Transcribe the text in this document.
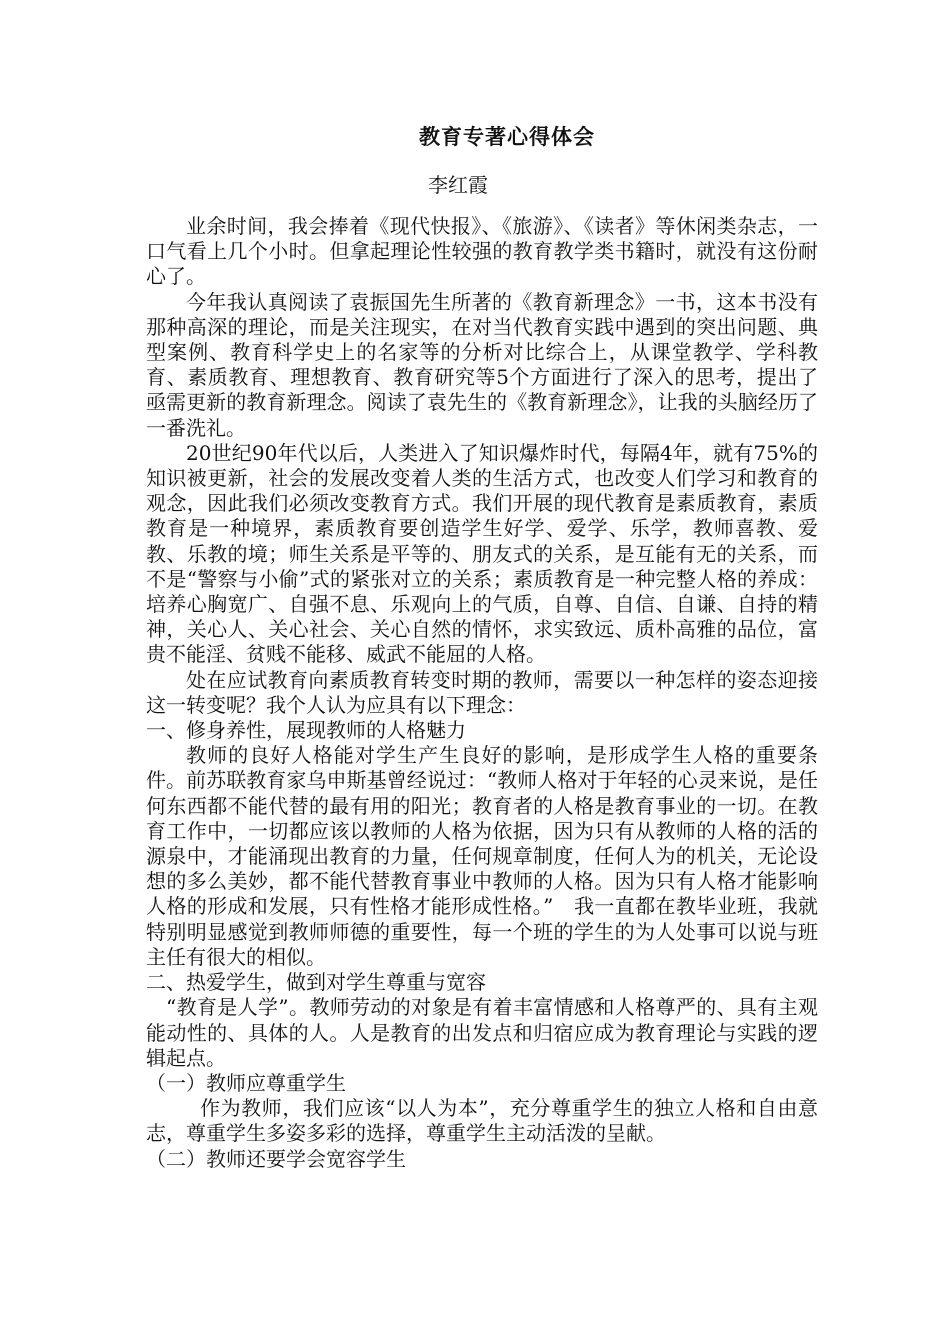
教育专著心得体会
李红霞

业余时间，我会捧着《现代快报》、《旅游》、《读者》等休闲类杂志，一口气看上几个小时。但拿起理论性较强的教育教学类书籍时，就没有这份耐心了。

今年我认真阅读了袁振国先生所著的《教育新理念》一书，这本书没有那种高深的理论，而是关注现实，在对当代教育实践中遇到的突出问题、典型案例、教育科学史上的名家等的分析对比综合上，从课堂教学、学科教育、素质教育、理想教育、教育研究等5个方面进行了深入的思考，提出了亟需更新的教育新理念。阅读了袁先生的《教育新理念》，让我的头脑经历了一番洗礼。

20世纪90年代以后，人类进入了知识爆炸时代，每隔4年，就有75%的知识被更新，社会的发展改变着人类的生活方式，也改变人们学习和教育的观念，因此我们必须改变教育方式。我们开展的现代教育是素质教育，素质教育是一种境界，素质教育要创造学生好学、爱学、乐学，教师喜教、爱教、乐教的境；师生关系是平等的、朋友式的关系，是互能有无的关系，而不是“警察与小偷”式的紧张对立的关系；素质教育是一种完整人格的养成：培养心胸宽广、自强不息、乐观向上的气质，自尊、自信、自谦、自持的精神，关心人、关心社会、关心自然的情怀，求实致远、质朴高雅的品位，富贵不能淫、贫贱不能移、威武不能屈的人格。

处在应试教育向素质教育转变时期的教师，需要以一种怎样的姿态迎接这一转变呢？我个人认为应具有以下理念：

一、修身养性，展现教师的人格魅力

教师的良好人格能对学生产生良好的影响，是形成学生人格的重要条件。前苏联教育家乌申斯基曾经说过：“教师人格对于年轻的心灵来说，是任何东西都不能代替的最有用的阳光；教育者的人格是教育事业的一切。在教育工作中，一切都应该以教师的人格为依据，因为只有从教师的人格的活的源泉中，才能涌现出教育的力量，任何规章制度，任何人为的机关，无论设想的多么美妙，都不能代替教育事业中教师的人格。因为只有人格才能影响人格的形成和发展，只有性格才能形成性格。”　我一直都在教毕业班，我就特别明显感觉到教师师德的重要性，每一个班的学生的为人处事可以说与班主任有很大的相似。

二、热爱学生，做到对学生尊重与宽容

“教育是人学”。教师劳动的对象是有着丰富情感和人格尊严的、具有主观能动性的、具体的人。人是教育的出发点和归宿应成为教育理论与实践的逻辑起点。

（一）教师应尊重学生

作为教师，我们应该“以人为本”，充分尊重学生的独立人格和自由意志，尊重学生多姿多彩的选择，尊重学生主动活泼的呈献。

（二）教师还要学会宽容学生
